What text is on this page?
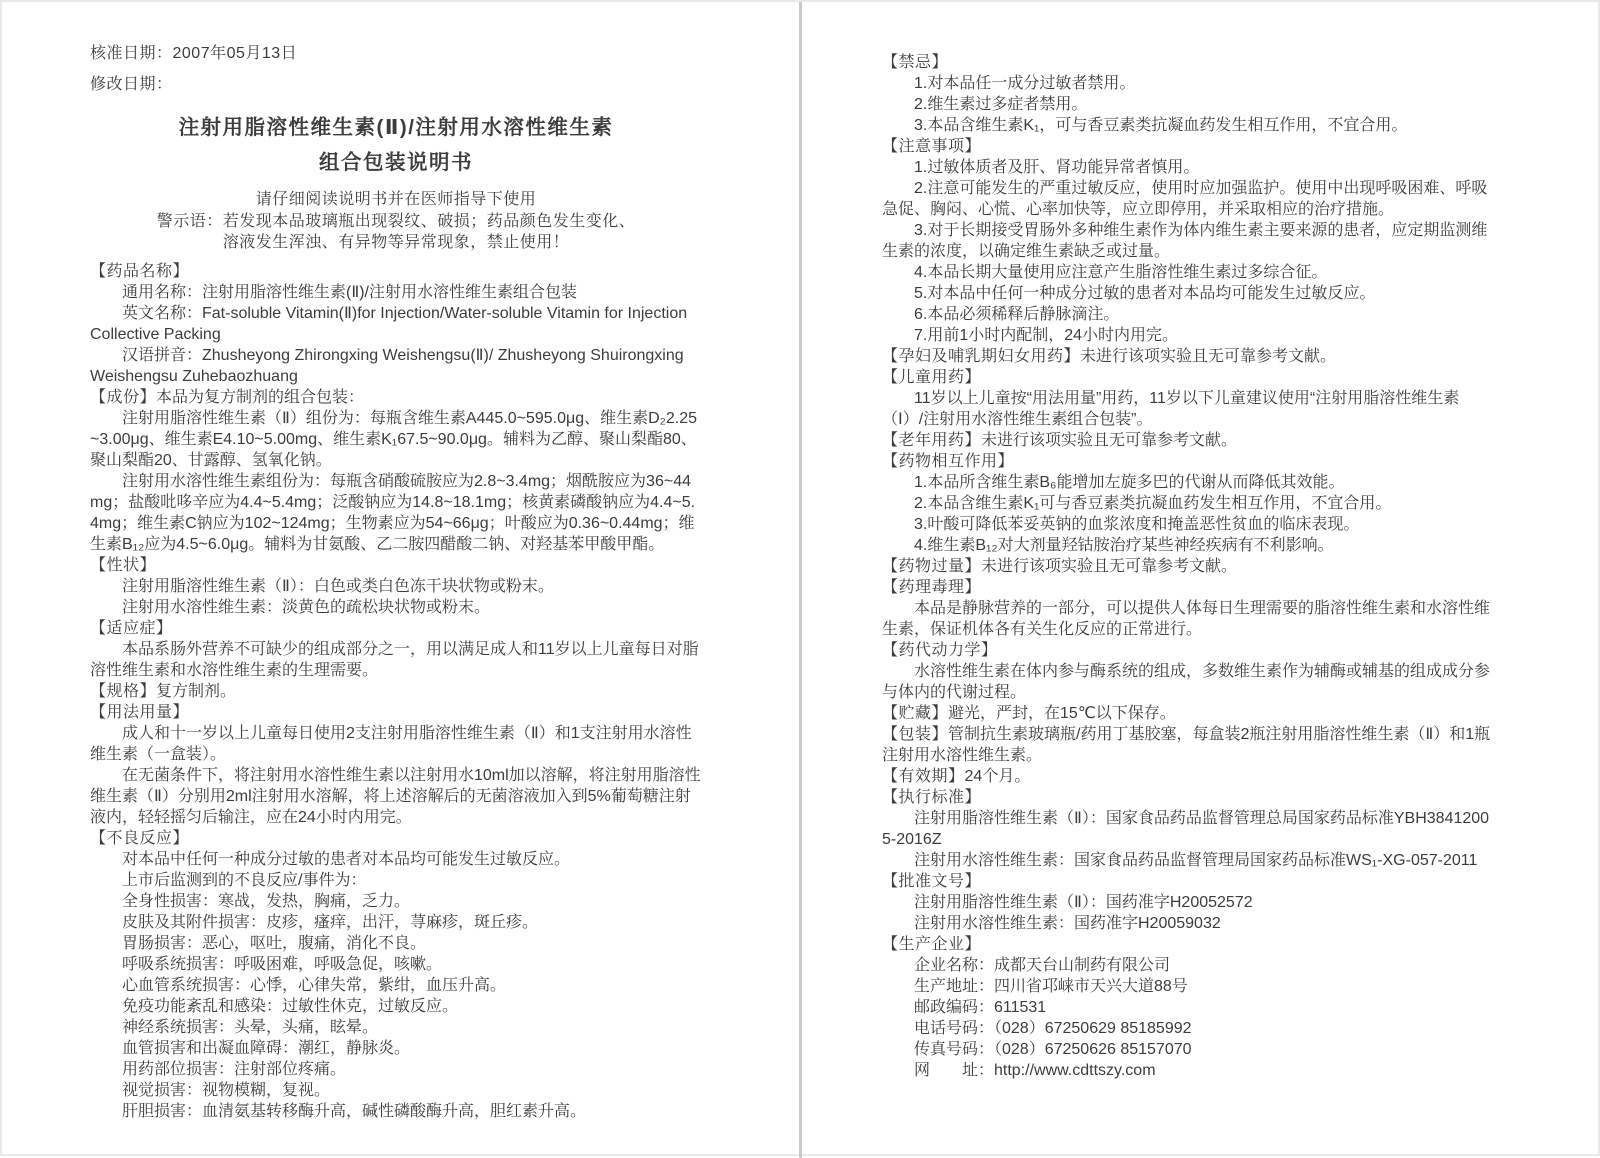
核准日期：2007年05月13日

修改日期：

注射用脂溶性维生素(Ⅱ)/注射用水溶性维生素
组合包装说明书

请仔细阅读说明书并在医师指导下使用

警示语：若发现本品玻璃瓶出现裂纹、破损；药品颜色发生变化、

溶液发生浑浊、有异物等异常现象，禁止使用！

【药品名称】

通用名称：注射用脂溶性维生素(Ⅱ)/注射用水溶性维生素组合包装

英文名称：Fat-soluble Vitamin(Ⅱ)for Injection/Water-soluble Vitamin for Injection Collective Packing

汉语拼音：Zhusheyong Zhirongxing Weishengsu(Ⅱ)/ Zhusheyong Shuirongxing Weishengsu Zuhebaozhuang

【成份】本品为复方制剂的组合包装：

注射用脂溶性维生素（Ⅱ）组份为：每瓶含维生素A445.0~595.0μg、维生素D₂2.25~3.00μg、维生素E4.10~5.00mg、维生素K₁67.5~90.0μg。辅料为乙醇、聚山梨酯80、聚山梨酯20、甘露醇、氢氧化钠。

注射用水溶性维生素组份为：每瓶含硝酸硫胺应为2.8~3.4mg；烟酰胺应为36~44mg；盐酸吡哆辛应为4.4~5.4mg；泛酸钠应为14.8~18.1mg；核黄素磷酸钠应为4.4~5.4mg；维生素C钠应为102~124mg；生物素应为54~66μg；叶酸应为0.36~0.44mg；维生素B₁₂应为4.5~6.0μg。辅料为甘氨酸、乙二胺四醋酸二钠、对羟基苯甲酸甲酯。

【性状】

注射用脂溶性维生素（Ⅱ）：白色或类白色冻干块状物或粉末。

注射用水溶性维生素：淡黄色的疏松块状物或粉末。

【适应症】

本品系肠外营养不可缺少的组成部分之一，用以满足成人和11岁以上儿童每日对脂溶性维生素和水溶性维生素的生理需要。

【规格】复方制剂。

【用法用量】

成人和十一岁以上儿童每日使用2支注射用脂溶性维生素（Ⅱ）和1支注射用水溶性维生素（一盒装）。

在无菌条件下，将注射用水溶性维生素以注射用水10ml加以溶解，将注射用脂溶性维生素（Ⅱ）分别用2ml注射用水溶解，将上述溶解后的无菌溶液加入到5%葡萄糖注射液内，轻轻摇匀后输注，应在24小时内用完。

【不良反应】

对本品中任何一种成分过敏的患者对本品均可能发生过敏反应。

上市后监测到的不良反应/事件为：

全身性损害：寒战，发热，胸痛，乏力。

皮肤及其附件损害：皮疹，瘙痒，出汗，荨麻疹，斑丘疹。

胃肠损害：恶心，呕吐，腹痛，消化不良。

呼吸系统损害：呼吸困难，呼吸急促，咳嗽。

心血管系统损害：心悸，心律失常，紫绀，血压升高。

免疫功能紊乱和感染：过敏性休克，过敏反应。

神经系统损害：头晕，头痛，眩晕。

血管损害和出凝血障碍：潮红，静脉炎。

用药部位损害：注射部位疼痛。

视觉损害：视物模糊，复视。

肝胆损害：血清氨基转移酶升高，碱性磷酸酶升高，胆红素升高。

【禁忌】

1.对本品任一成分过敏者禁用。

2.维生素过多症者禁用。

3.本品含维生素K₁，可与香豆素类抗凝血药发生相互作用，不宜合用。

【注意事项】

1.过敏体质者及肝、肾功能异常者慎用。

2.注意可能发生的严重过敏反应，使用时应加强监护。使用中出现呼吸困难、呼吸急促、胸闷、心慌、心率加快等，应立即停用，并采取相应的治疗措施。

3.对于长期接受胃肠外多种维生素作为体内维生素主要来源的患者，应定期监测维生素的浓度，以确定维生素缺乏或过量。

4.本品长期大量使用应注意产生脂溶性维生素过多综合征。

5.对本品中任何一种成分过敏的患者对本品均可能发生过敏反应。

6.本品必须稀释后静脉滴注。

7.用前1小时内配制，24小时内用完。

【孕妇及哺乳期妇女用药】未进行该项实验且无可靠参考文献。

【儿童用药】

11岁以上儿童按“用法用量”用药，11岁以下儿童建议使用“注射用脂溶性维生素（Ⅰ）/注射用水溶性维生素组合包装”。

【老年用药】未进行该项实验且无可靠参考文献。

【药物相互作用】

1.本品所含维生素B₆能增加左旋多巴的代谢从而降低其效能。

2.本品含维生素K₁可与香豆素类抗凝血药发生相互作用，不宜合用。

3.叶酸可降低苯妥英钠的血浆浓度和掩盖恶性贫血的临床表现。

4.维生素B₁₂对大剂量羟钴胺治疗某些神经疾病有不利影响。

【药物过量】未进行该项实验且无可靠参考文献。

【药理毒理】

本品是静脉营养的一部分，可以提供人体每日生理需要的脂溶性维生素和水溶性维生素，保证机体各有关生化反应的正常进行。

【药代动力学】

水溶性维生素在体内参与酶系统的组成，多数维生素作为辅酶或辅基的组成成分参与体内的代谢过程。

【贮藏】避光，严封，在15℃以下保存。

【包装】管制抗生素玻璃瓶/药用丁基胶塞，每盒装2瓶注射用脂溶性维生素（Ⅱ）和1瓶注射用水溶性维生素。

【有效期】24个月。

【执行标准】

注射用脂溶性维生素（Ⅱ）：国家食品药品监督管理总局国家药品标准YBH38412005-2016Z

注射用水溶性维生素：国家食品药品监督管理局国家药品标准WS₁-XG-057-2011

【批准文号】

注射用脂溶性维生素（Ⅱ）：国药准字H20052572

注射用水溶性维生素：国药准字H20059032

【生产企业】

企业名称：成都天台山制药有限公司

生产地址：四川省邛崃市天兴大道88号

邮政编码：611531

电话号码：（028）67250629 85185992

传真号码：（028）67250626 85157070

网　　址：http://www.cdttszy.com
